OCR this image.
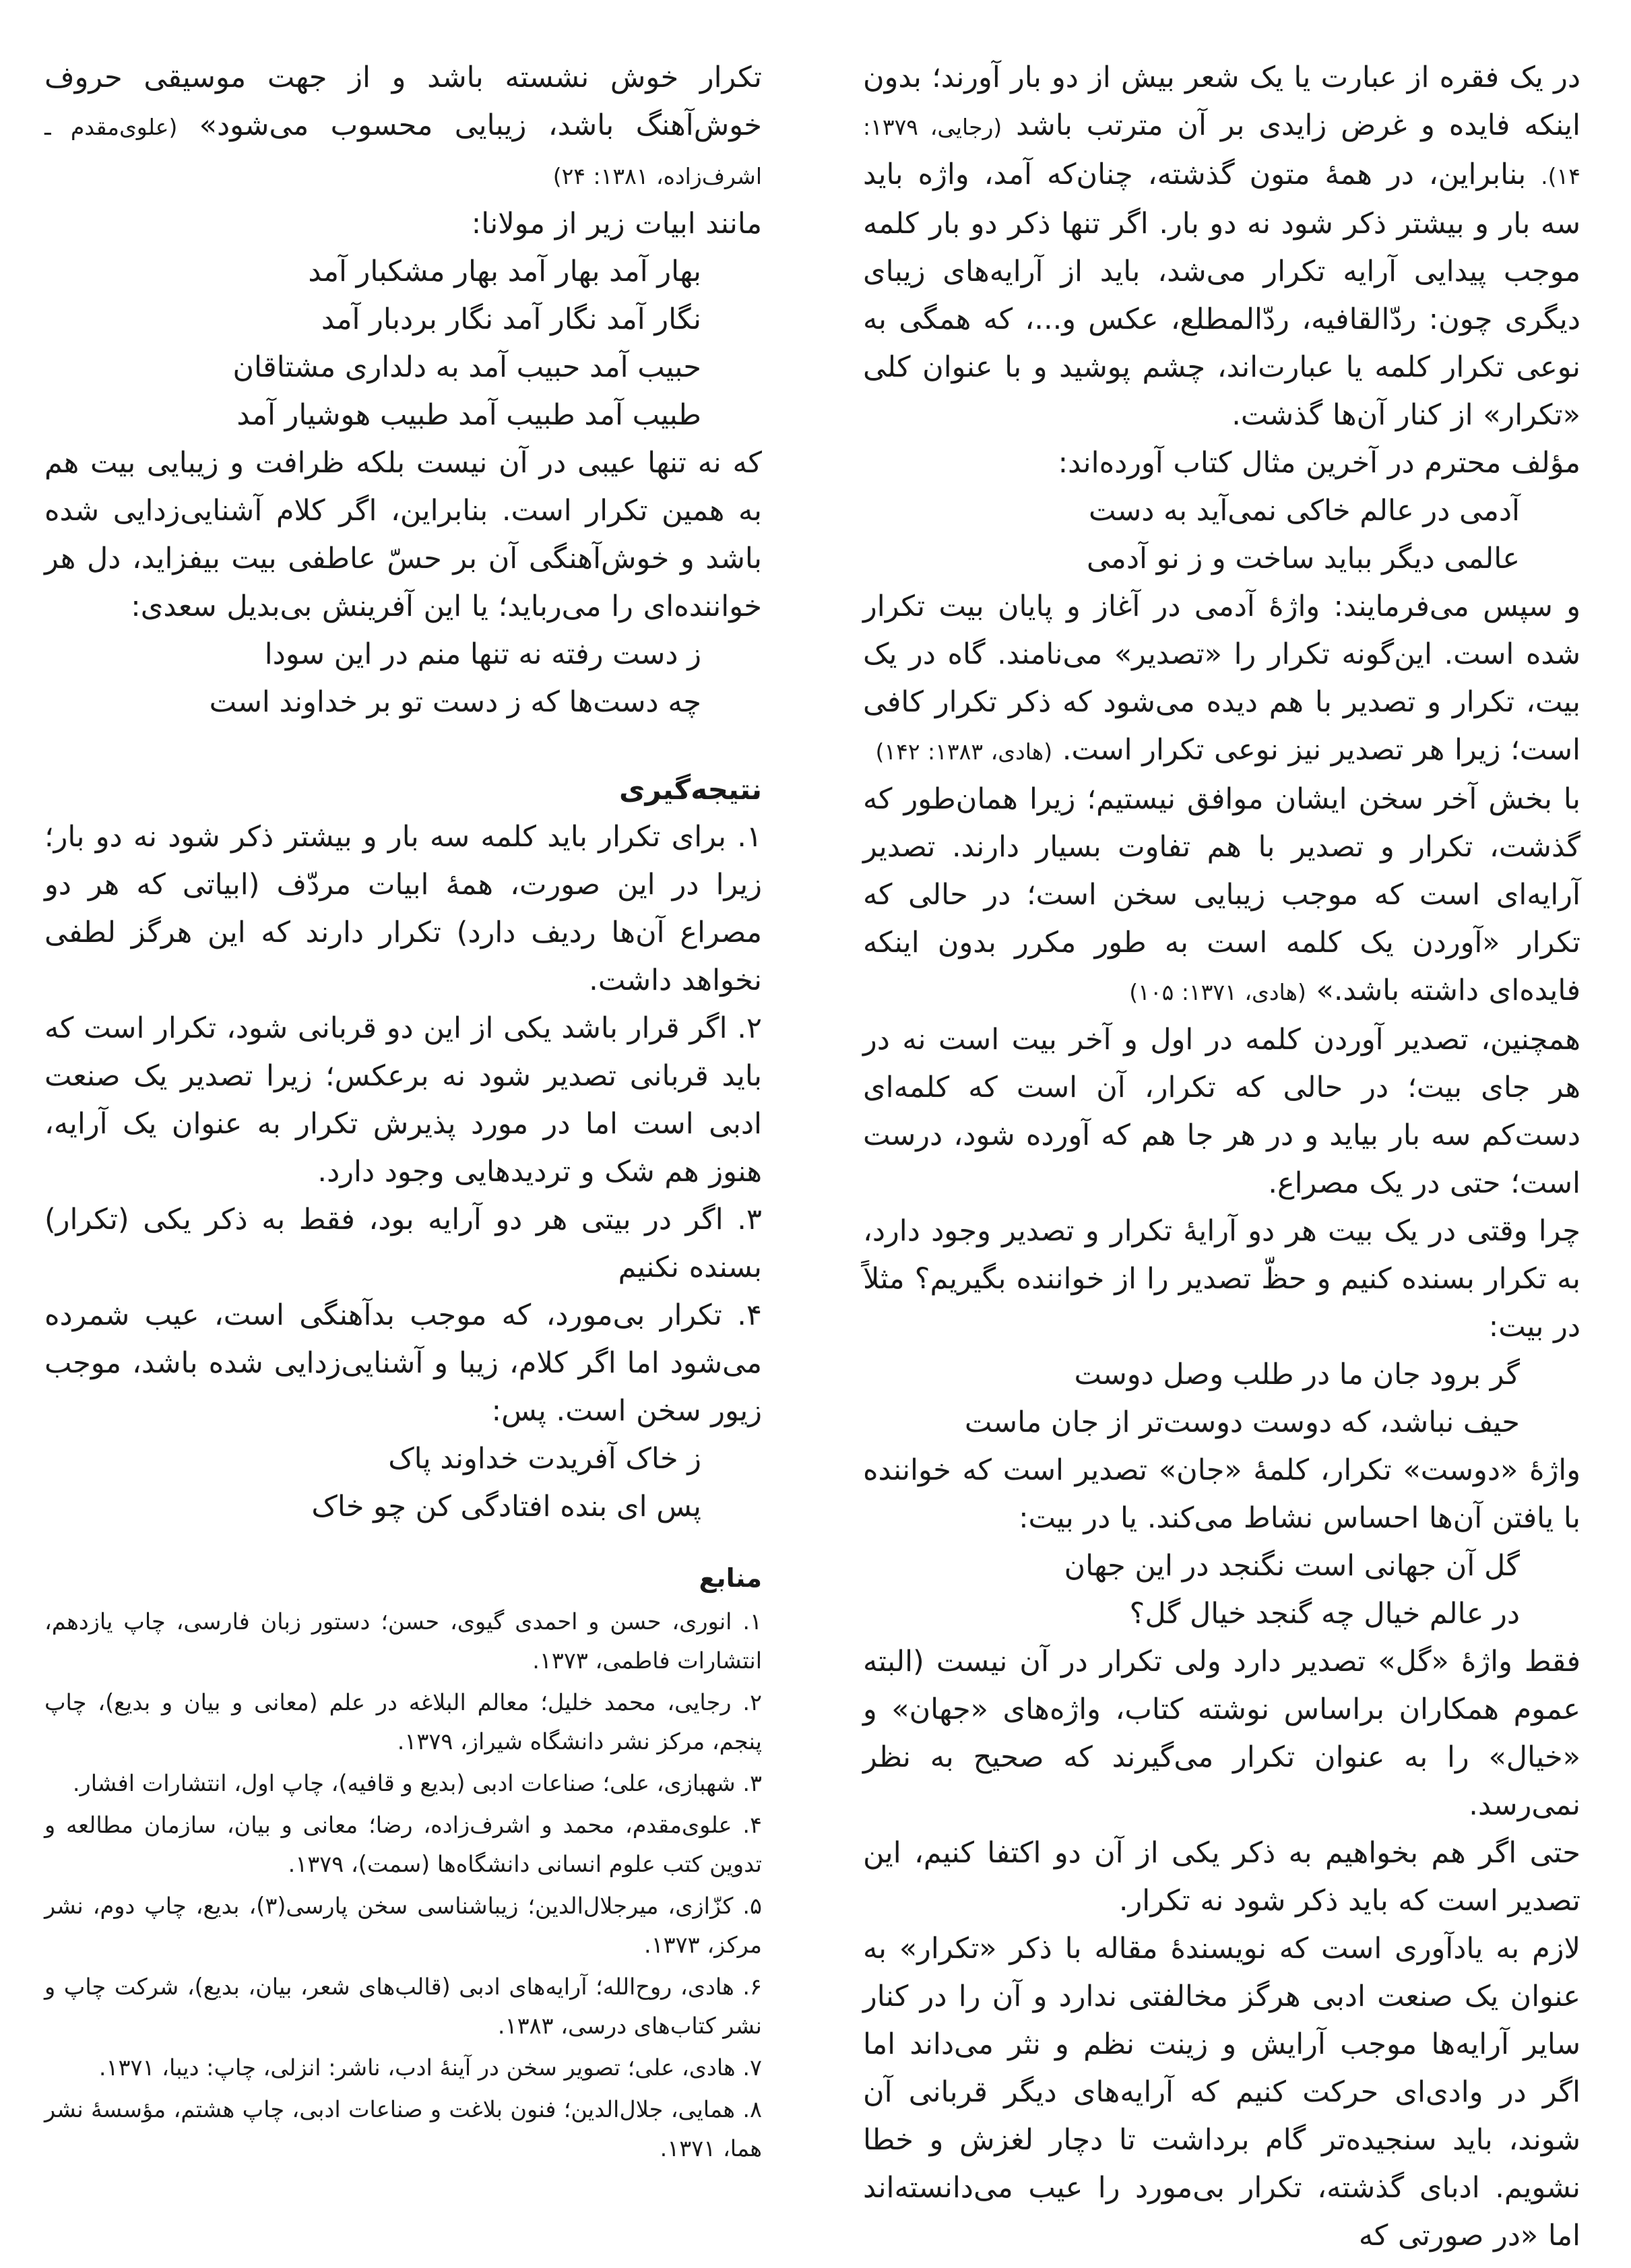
در یک فقره از عبارت یا یک شعر بیش از دو بار آورند؛ بدون اینکه فایده و غرض زایدی بر آن مترتب باشد (رجایی، ۱۳۷۹: ۱۴). بنابراین، در همهٔ متون گذشته، چنان‌که آمد، واژه باید سه بار و بیشتر ذکر شود نه دو بار. اگر تنها ذکر دو بار کلمه موجب پیدایی آرایه تکرار می‌شد، باید از آرایه‌های زیبای دیگری چون: ردّالقافیه، ردّالمطلع، عکس و...، که همگی به نوعی تکرار کلمه یا عبارت‌اند، چشم پوشید و با عنوان کلی «تکرار» از کنار آن‌ها گذشت.

مؤلف محترم در آخرین مثال کتاب آورده‌اند:

آدمی در عالم خاکی نمی‌آید به دست

عالمی دیگر بباید ساخت و ز نو آدمی

و سپس می‌فرمایند: واژهٔ آدمی در آغاز و پایان بیت تکرار شده است. این‌گونه تکرار را «تصدیر» می‌نامند. گاه در یک بیت، تکرار و تصدیر با هم دیده می‌شود که ذکر تکرار کافی است؛ زیرا هر تصدیر نیز نوعی تکرار است. (هادی، ۱۳۸۳: ۱۴۲)

با بخش آخر سخن ایشان موافق نیستیم؛ زیرا همان‌طور که گذشت، تکرار و تصدیر با هم تفاوت بسیار دارند. تصدیر آرایه‌ای است که موجب زیبایی سخن است؛ در حالی که تکرار «آوردن یک کلمه است به طور مکرر بدون اینکه فایده‌ای داشته باشد.» (هادی، ۱۳۷۱: ۱۰۵)

همچنین، تصدیر آوردن کلمه در اول و آخر بیت است نه در هر جای بیت؛ در حالی که تکرار، آن است که کلمه‌ای دست‌کم سه بار بیاید و در هر جا هم که آورده شود، درست است؛ حتی در یک مصراع.

چرا وقتی در یک بیت هر دو آرایهٔ تکرار و تصدیر وجود دارد، به تکرار بسنده کنیم و حظّ تصدیر را از خواننده بگیریم؟ مثلاً در بیت:

گر برود جان ما در طلب وصل دوست

حیف نباشد، که دوست دوست‌تر از جان ماست

واژهٔ «دوست» تکرار، کلمهٔ «جان» تصدیر است که خواننده با یافتن آن‌ها احساس نشاط می‌کند. یا در بیت:

گل آن جهانی است نگنجد در این جهان

در عالم خیال چه گنجد خیال گل؟

فقط واژهٔ «گل» تصدیر دارد ولی تکرار در آن نیست (البته عموم همکاران براساس نوشته کتاب، واژه‌های «جهان» و «خیال» را به عنوان تکرار می‌گیرند که صحیح به نظر نمی‌رسد.

حتی اگر هم بخواهیم به ذکر یکی از آن دو اکتفا کنیم، این تصدیر است که باید ذکر شود نه تکرار.

لازم به یادآوری است که نویسندهٔ مقاله با ذکر «تکرار» به عنوان یک صنعت ادبی هرگز مخالفتی ندارد و آن را در کنار سایر آرایه‌ها موجب آرایش و زینت نظم و نثر می‌داند اما اگر در وادی‌ای حرکت کنیم که آرایه‌های دیگر قربانی آن شوند، باید سنجیده‌تر گام برداشت تا دچار لغزش و خطا نشویم. ادبای گذشته، تکرار بی‌مورد را عیب می‌دانسته‌اند اما «در صورتی که

تکرار خوش نشسته باشد و از جهت موسیقی حروف خوش‌آهنگ باشد، زیبایی محسوب می‌شود» (علوی‌مقدم ـ اشرف‌زاده، ۱۳۸۱: ۲۴)

مانند ابیات زیر از مولانا:

بهار آمد بهار آمد بهار مشکبار آمد

نگار آمد نگار آمد نگار بردبار آمد

حبیب آمد حبیب آمد به دلداری مشتاقان

طبیب آمد طبیب آمد طبیب هوشیار آمد

که نه تنها عیبی در آن نیست بلکه ظرافت و زیبایی بیت هم به همین تکرار است. بنابراین، اگر کلام آشنایی‌زدایی شده باشد و خوش‌آهنگی آن بر حسّ عاطفی بیت بیفزاید، دل هر خواننده‌ای را می‌رباید؛ یا این آفرینش بی‌بدیل سعدی:

ز دست رفته نه تنها منم در این سودا

چه دست‌ها که ز دست تو بر خداوند است

نتیجه‌گیری

۱. برای تکرار باید کلمه سه بار و بیشتر ذکر شود نه دو بار؛ زیرا در این صورت، همهٔ ابیات مردّف (ابیاتی که هر دو مصراع آن‌ها ردیف دارد) تکرار دارند که این هرگز لطفی نخواهد داشت.

۲. اگر قرار باشد یکی از این دو قربانی شود، تکرار است که باید قربانی تصدیر شود نه برعکس؛ زیرا تصدیر یک صنعت ادبی است اما در مورد پذیرش تکرار به عنوان یک آرایه، هنوز هم شک و تردیدهایی وجود دارد.

۳. اگر در بیتی هر دو آرایه بود، فقط به ذکر یکی (تکرار) بسنده نکنیم

۴. تکرار بی‌مورد، که موجب بدآهنگی است، عیب شمرده می‌شود اما اگر کلام، زیبا و آشنایی‌زدایی شده باشد، موجب زیور سخن است. پس:

ز خاک آفریدت خداوند پاک

پس ای بنده افتادگی کن چو خاک

منابع

۱. انوری، حسن و احمدی گیوی، حسن؛ دستور زبان فارسی، چاپ یازدهم، انتشارات فاطمی، ۱۳۷۳.

۲. رجایی، محمد خلیل؛ معالم البلاغه در علم (معانی و بیان و بدیع)، چاپ پنجم، مرکز نشر دانشگاه شیراز، ۱۳۷۹.

۳. شهبازی، علی؛ صناعات ادبی (بدیع و قافیه)، چاپ اول، انتشارات افشار.

۴. علوی‌مقدم، محمد و اشرف‌زاده، رضا؛ معانی و بیان، سازمان مطالعه و تدوین کتب علوم انسانی دانشگاه‌ها (سمت)، ۱۳۷۹.

۵. کزّازی، میرجلال‌الدین؛ زیباشناسی سخن پارسی(۳)، بدیع، چاپ دوم، نشر مرکز، ۱۳۷۳.

۶. هادی، روح‌الله؛ آرایه‌های ادبی (قالب‌های شعر، بیان، بدیع)، شرکت چاپ و نشر کتاب‌های درسی، ۱۳۸۳.

۷. هادی، علی؛ تصویر سخن در آینهٔ ادب، ناشر: انزلی، چاپ: دیبا، ۱۳۷۱.

۸. همایی، جلال‌الدین؛ فنون بلاغت و صناعات ادبی، چاپ هشتم، مؤسسهٔ نشر هما، ۱۳۷۱.
